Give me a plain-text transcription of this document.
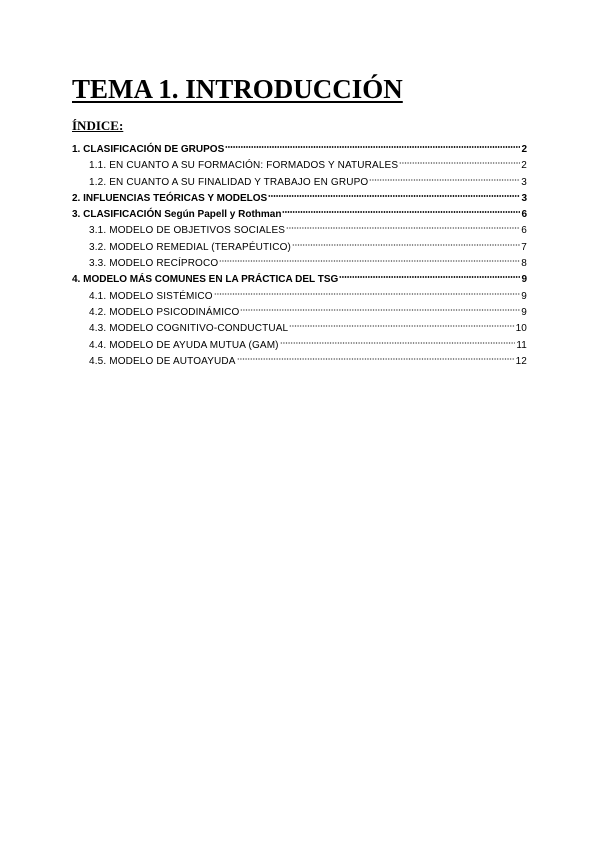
TEMA 1. INTRODUCCIÓN
ÍNDICE:
1. CLASIFICACIÓN DE GRUPOS	2
1.1. EN CUANTO A SU FORMACIÓN: FORMADOS Y NATURALES	2
1.2. EN CUANTO A SU FINALIDAD Y TRABAJO EN GRUPO	3
2. INFLUENCIAS TEÓRICAS Y MODELOS	3
3. CLASIFICACIÓN Según Papell y Rothman	6
3.1. MODELO DE OBJETIVOS SOCIALES	6
3.2. MODELO REMEDIAL (TERAPÉUTICO)	7
3.3. MODELO RECÍPROCO	8
4. MODELO MÁS COMUNES EN LA PRÁCTICA DEL TSG	9
4.1. MODELO SISTÉMICO	9
4.2. MODELO PSICODINÁMICO	9
4.3. MODELO COGNITIVO-CONDUCTUAL	10
4.4. MODELO DE AYUDA MUTUA (GAM)	11
4.5. MODELO DE AUTOAYUDA	12
